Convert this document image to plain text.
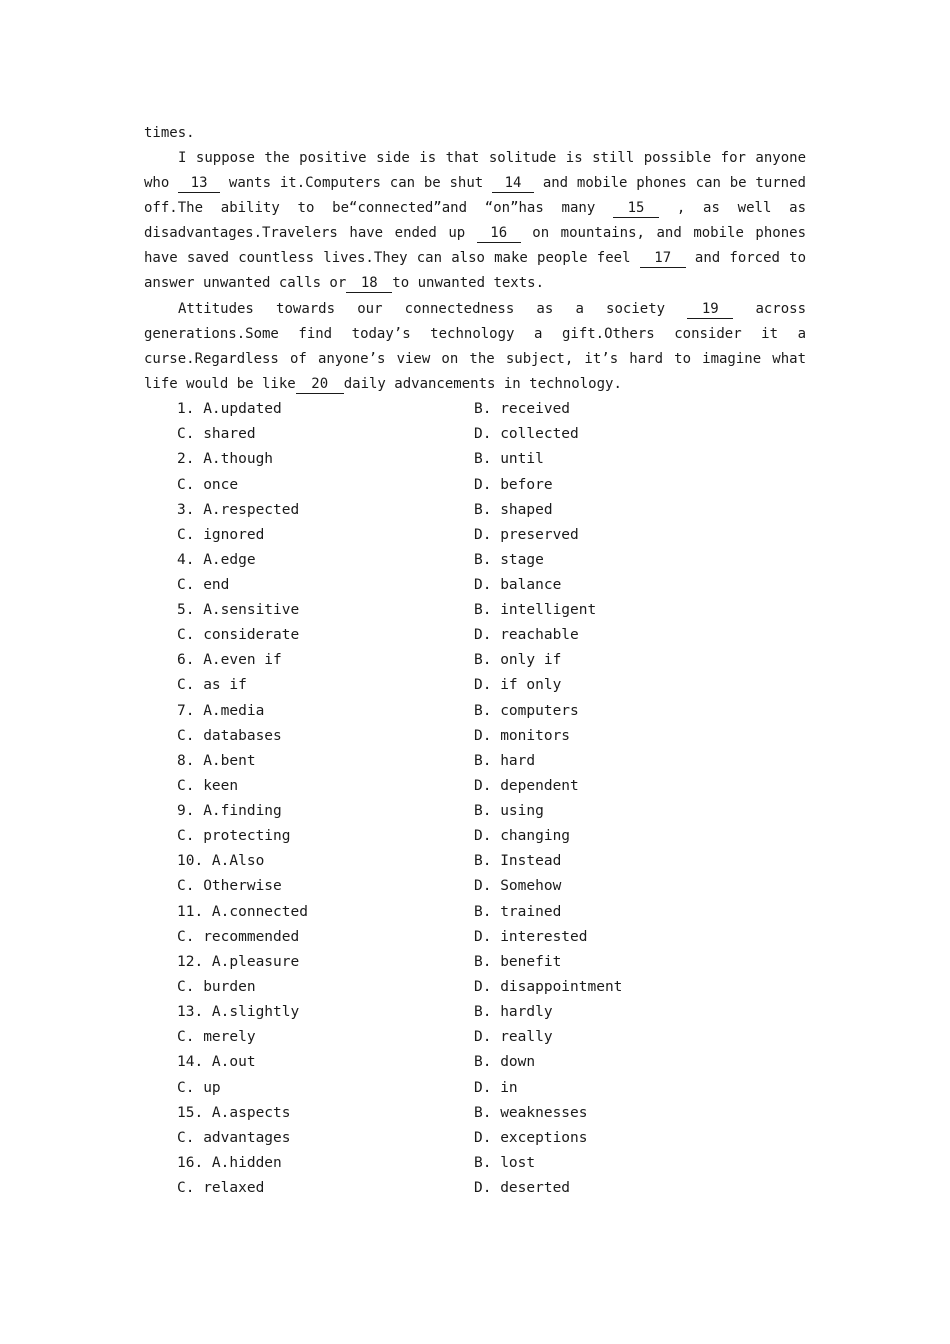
times.
I suppose the positive side is that solitude is still possible for anyone
who 13 wants it.Computers can be shut 14 and mobile phones can be turned
off.The ability to be“connected”and “on”has many 15 , as well as
disadvantages.Travelers have ended up 16 on mountains, and mobile phones
have saved countless lives.They can also make people feel 17 and forced to
answer unwanted calls or 18 to unwanted texts.
Attitudes towards our connectedness as a society	19	across
generations.Some find today’s technology a gift.Others consider it a
curse.Regardless of anyone’s view on the subject, it’s hard to imagine what
life would be like 20 daily advancements in technology.
1. A.updated	B. received
C. shared	D. collected
2. A.though	B. until
C. once	D. before
3. A.respected	B. shaped
C. ignored	D. preserved
4. A.edge	B. stage
C. end	D. balance
5. A.sensitive	B. intelligent
C. considerate	D. reachable
6. A.even if	B. only if
C. as if	D. if only
7. A.media	B. computers
C. databases	D. monitors
8. A.bent	B. hard
C. keen	D. dependent
9. A.finding	B. using
C. protecting	D. changing
10. A.Also	B. Instead
C. Otherwise	D. Somehow
11. A.connected	B. trained
C. recommended	D. interested
12. A.pleasure	B. benefit
C. burden	D. disappointment
13. A.slightly	B. hardly
C. merely	D. really
14. A.out	B. down
C. up	D. in
15. A.aspects	B. weaknesses
C. advantages	D. exceptions
16. A.hidden	B. lost
C. relaxed	D. deserted
